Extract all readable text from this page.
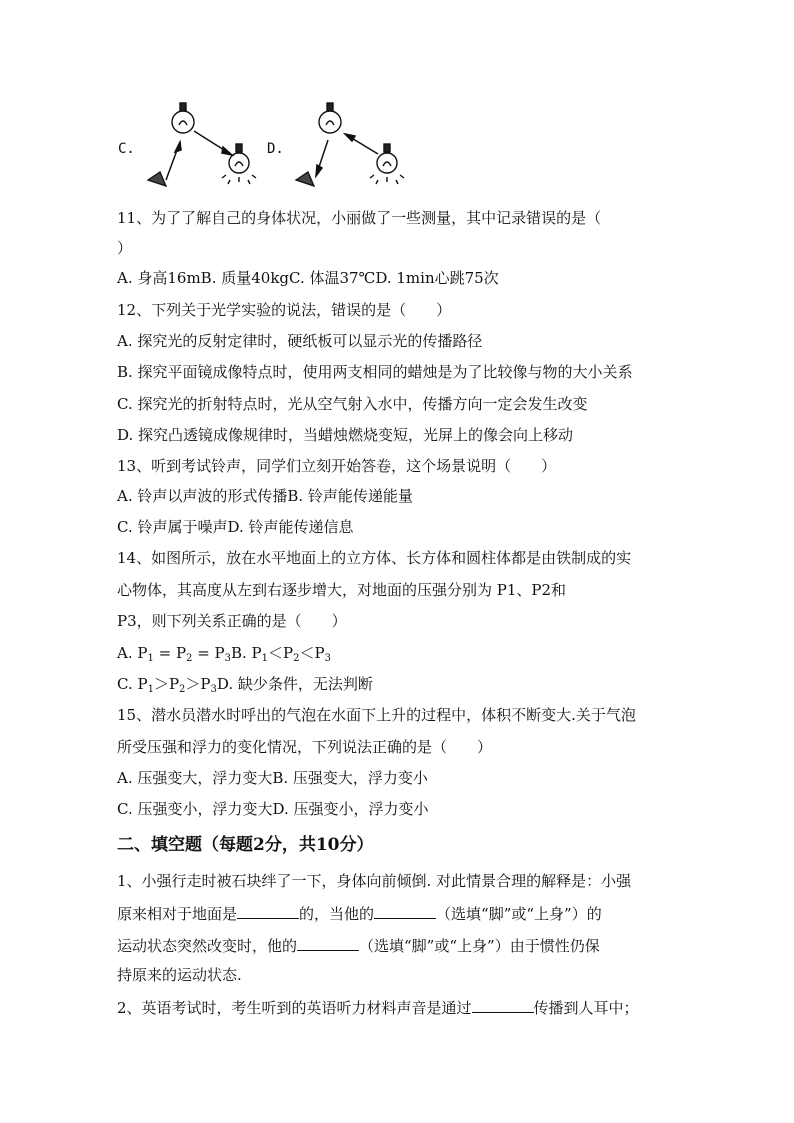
C.	D.
11、为了了解自己的身体状况，小丽做了一些测量，其中记录错误的是（
）
A. 身高16mB. 质量40kgC. 体温37℃D. 1min心跳75次
12、下列关于光学实验的说法，错误的是（　　）
A. 探究光的反射定律时，硬纸板可以显示光的传播路径
B. 探究平面镜成像特点时，使用两支相同的蜡烛是为了比较像与物的大小关系
C. 探究光的折射特点时，光从空气射入水中，传播方向一定会发生改变
D. 探究凸透镜成像规律时，当蜡烛燃烧变短，光屏上的像会向上移动
13、听到考试铃声，同学们立刻开始答卷，这个场景说明（　　）
A. 铃声以声波的形式传播B. 铃声能传递能量
C. 铃声属于噪声D. 铃声能传递信息
14、如图所示，放在水平地面上的立方体、长方体和圆柱体都是由铁制成的实
心物体，其高度从左到右逐步增大，对地面的压强分别为 P1、P2和
P3，则下列关系正确的是（　　）
A. $P_1 = P_2 = P_3B$. $P_1<P_2<P_3$
C. $P_1>P_2>P_3D$. 缺少条件，无法判断
15、潜水员潜水时呼出的气泡在水面下上升的过程中，体积不断变大.关于气泡
所受压强和浮力的变化情况，下列说法正确的是（　　）
A. 压强变大，浮力变大B. 压强变大，浮力变小
C. 压强变小，浮力变大D. 压强变小，浮力变小
二、填空题（每题2分，共10分）
1、小强行走时被石块绊了一下，身体向前倾倒. 对此情景合理的解释是：小强
原来相对于地面是	的，当他的	（选填“脚”或“上身”）的
运动状态突然改变时，他的	（选填“脚”或“上身”）由于惯性仍保
持原来的运动状态.
2、英语考试时，考生听到的英语听力材料声音是通过	传播到人耳中；
